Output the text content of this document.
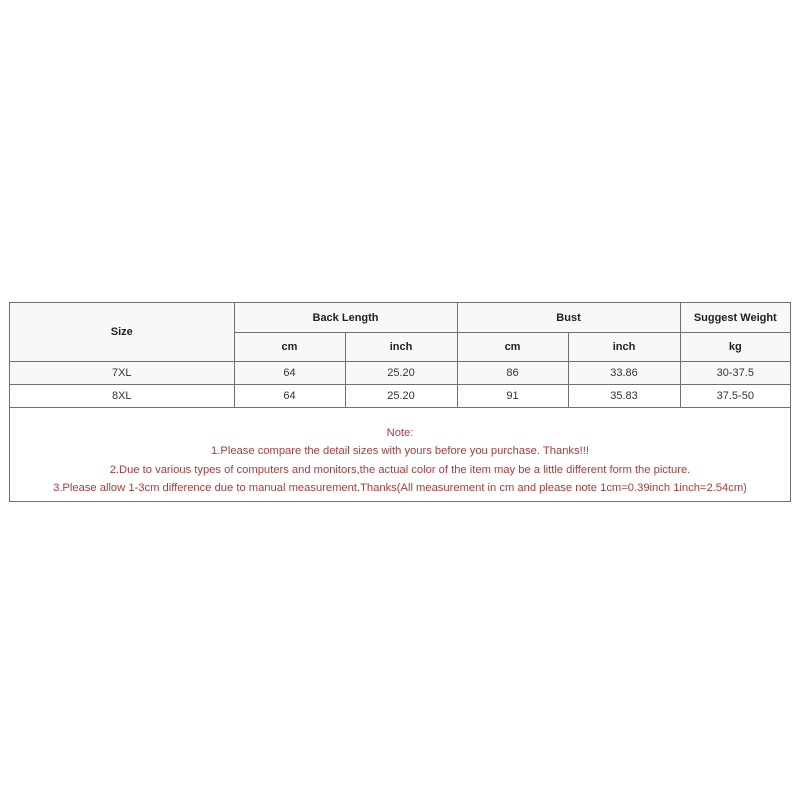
Size	Back Length		Bust		Suggest Weight
	cm	inch	cm	inch	kg
7XL	64	25.20	86	33.86	30-37.5
8XL	64	25.20	91	35.83	37.5-50
Note:
1.Please compare the detail sizes with yours before you purchase. Thanks!!!
2.Due to various types of computers and monitors,the actual color of the item may be a little different form the picture.
3.Please allow 1-3cm difference due to manual measurement.Thanks(All measurement in cm and please note 1cm=0.39inch 1inch=2.54cm)
